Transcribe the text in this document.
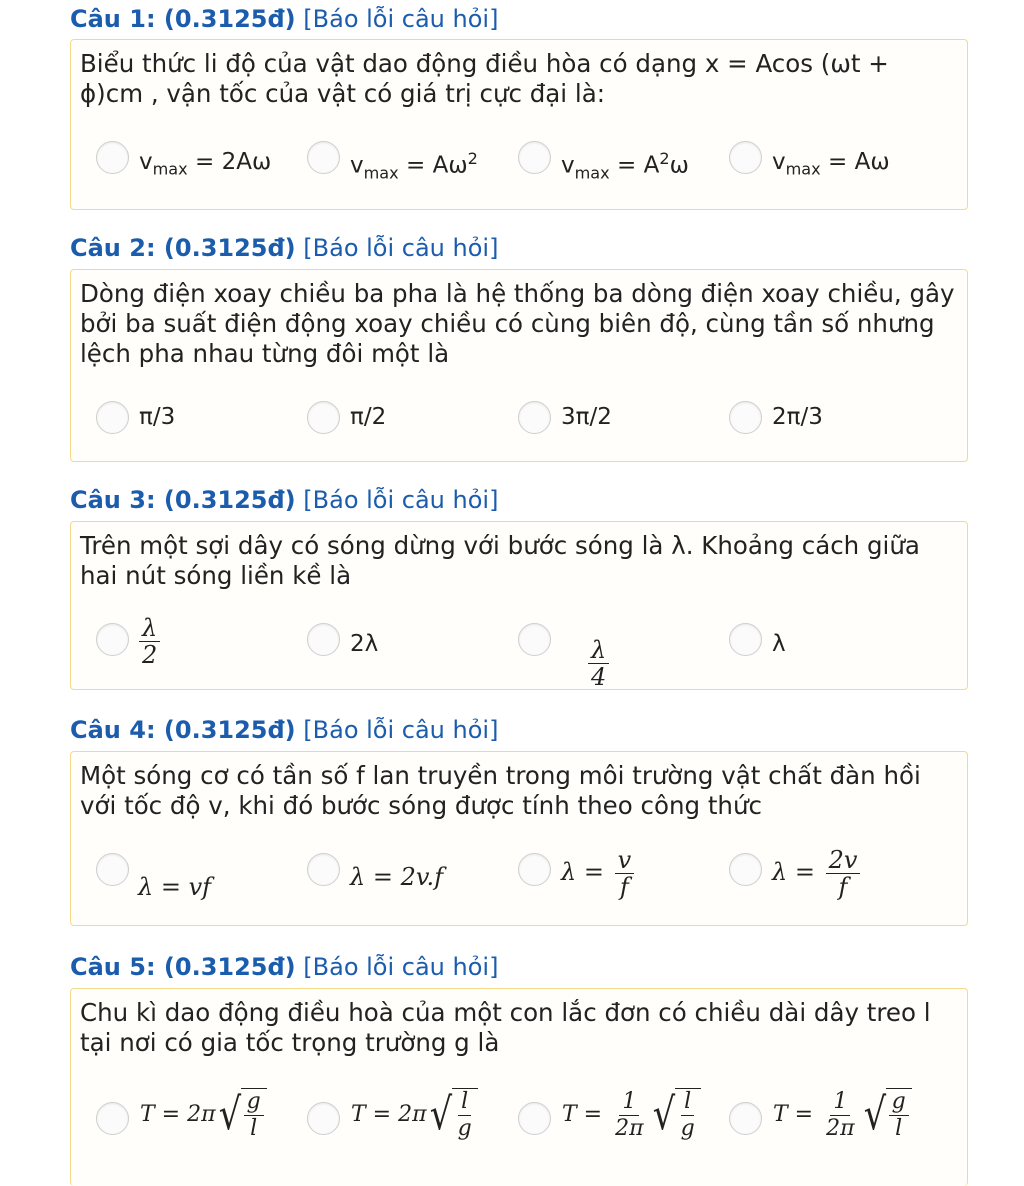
Câu 1: (0.3125đ) [Báo lỗi câu hỏi]
Biểu thức li độ của vật dao động điều hòa có dạng x = Acos (ωt + ϕ)cm , vận tốc của vật có giá trị cực đại là:
$v_{max} = 2A\omega$	$v_{max} = A\omega^2$	$v_{max} = A^2\omega$	$v_{max} = A\omega$
Câu 2: (0.3125đ) [Báo lỗi câu hỏi]
Dòng điện xoay chiều ba pha là hệ thống ba dòng điện xoay chiều, gây bởi ba suất điện động xoay chiều có cùng biên độ, cùng tần số nhưng lệch pha nhau từng đôi một là
π/3	π/2	3π/2	2π/3
Câu 3: (0.3125đ) [Báo lỗi câu hỏi]
Trên một sợi dây có sóng dừng với bước sóng là λ. Khoảng cách giữa hai nút sóng liền kề là
$\frac{\lambda}{2}$	2λ	$\frac{\lambda}{4}$	λ
Câu 4: (0.3125đ) [Báo lỗi câu hỏi]
Một sóng cơ có tần số f lan truyền trong môi trường vật chất đàn hồi với tốc độ v, khi đó bước sóng được tính theo công thức
λ = vf	λ = 2v.f	$\lambda = \frac{v}{f}$	$\lambda = \frac{2v}{f}$
Câu 5: (0.3125đ) [Báo lỗi câu hỏi]
Chu kì dao động điều hoà của một con lắc đơn có chiều dài dây treo l tại nơi có gia tốc trọng trường g là
T = 2π √ $\frac{g}{l}$	T = 2π √ $\frac{l}{g}$	$T = \frac{1}{2\pi}$ √ $\frac{l}{g}$	$T = \frac{1}{2\pi}$ √ $\frac{g}{l}$
